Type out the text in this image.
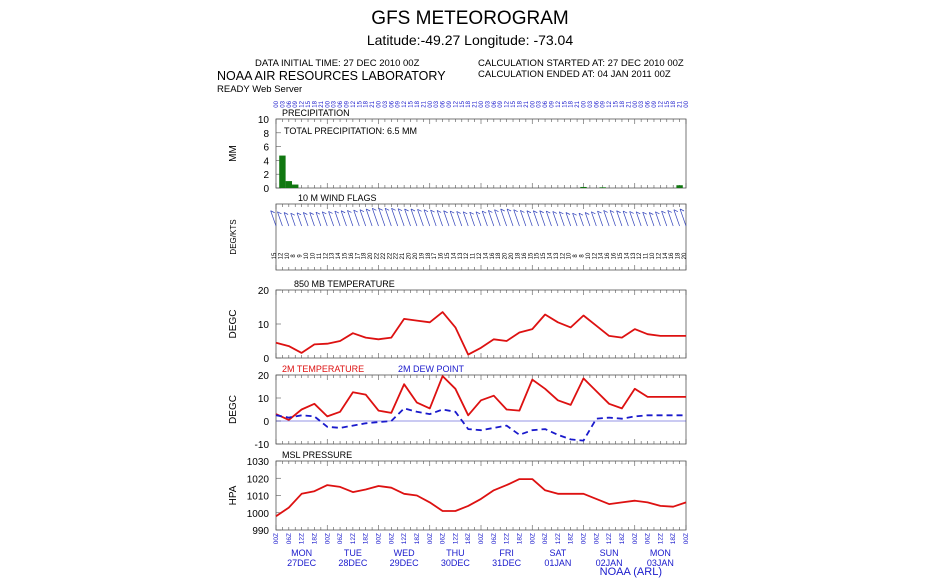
GFS METEOROGRAM
Latitude:-49.27 Longitude: -73.04
DATA INITIAL TIME: 27 DEC 2010 00Z
NOAA AIR RESOURCES LABORATORY
READY Web Server
CALCULATION STARTED AT: 27 DEC 2010 00Z
CALCULATION ENDED AT: 04 JAN 2011 00Z
0
2
4
6
8
10
MM
PRECIPITATION
TOTAL PRECIPITATION: 6.5 MM
00 03 06 09 12 15 18 21 00 03 06 09 12 15 18 21 00 03 06 09 12 15 18 21 00 03 06 09 12 15 18 21 00 03 06 09 12 15 18 21 00 03 06 09 12 15 18 21 00 03 06 09 12 15 18 21 00 03 06 09 12 15 18 21 00
10 M WIND FLAGS
DEG/KTS
15 12 10 8 9 10 10 11 12 13 14 15 16 17 18 20 22 22 22 22 21 20 20 19 18 17 16 15 14 13 12 11 12 14 16 18 20 20 18 16 15 15 15 14 13 12 10 8 8 10 12 14 16 16 15 14 13 12 11 10 12 14 16 18 20
0
10
20
DEGC
850 MB TEMPERATURE
-10
0
10
20
DEGC
2M TEMPERATURE	2M DEW POINT
990
1000
1010
1020
1030
HPA
MSL PRESSURE
00Z 06Z 12Z 18Z 00Z 06Z 12Z 18Z 00Z 06Z 12Z 18Z 00Z 06Z 12Z 18Z 00Z 06Z 12Z 18Z 00Z 06Z 12Z 18Z 00Z 06Z 12Z 18Z 00Z 06Z 12Z 18Z 00Z
MON
27DEC
TUE
28DEC
WED
29DEC
THU
30DEC
FRI
31DEC
SAT
01JAN
SUN
02JAN
MON
03JAN
NOAA (ARL)
